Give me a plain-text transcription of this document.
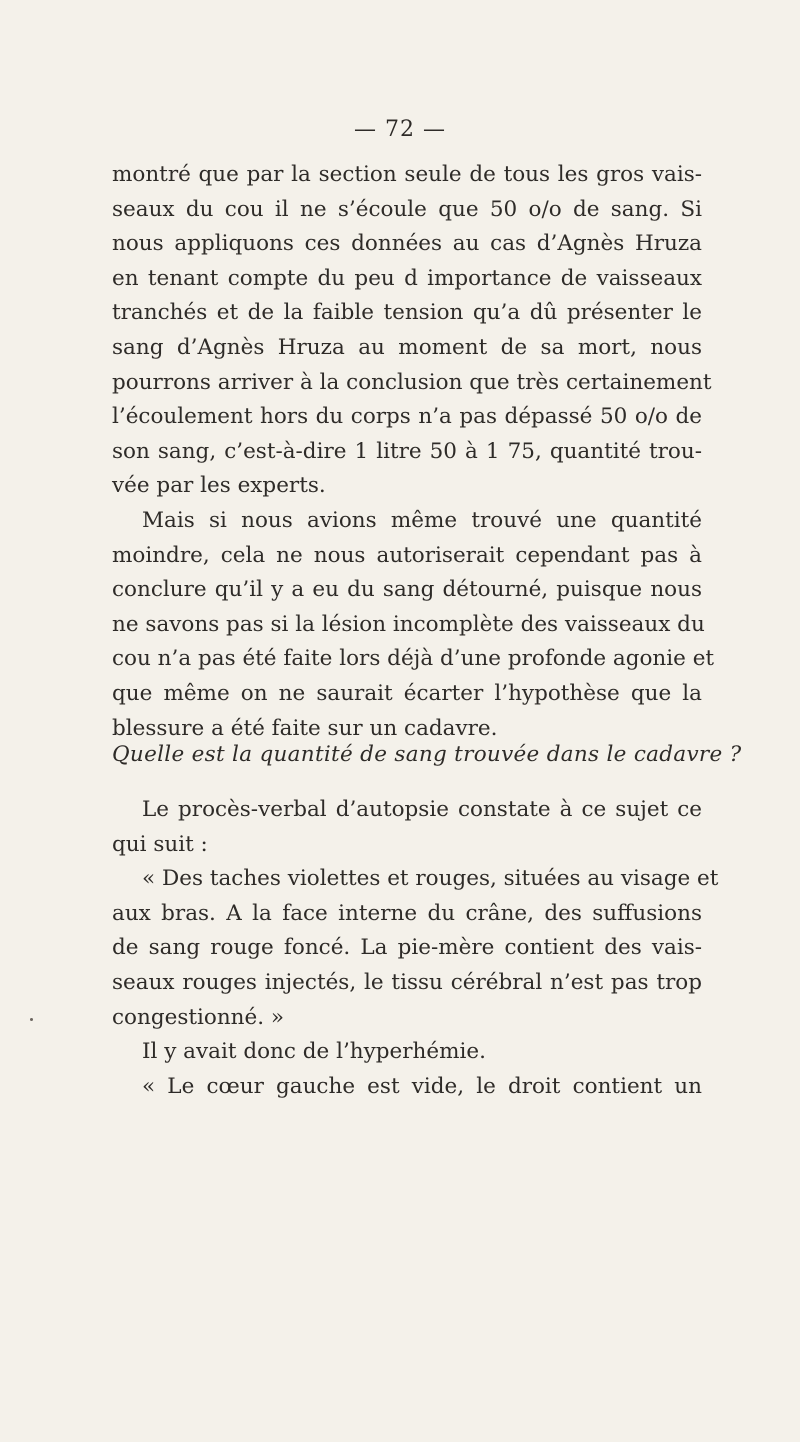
— 72 —
montré que par la section seule de tous les gros vais-
seaux du cou il ne s’écoule que 50 o/o de sang. Si
nous appliquons ces données au cas d’Agnès Hruza
en tenant compte du peu d importance de vaisseaux
tranchés et de la faible tension qu’a dû présenter le
sang d’Agnès Hruza au moment de sa mort, nous
pourrons arriver à la conclusion que très certainement
l’écoulement hors du corps n’a pas dépassé 50 o/o de
son sang, c’est-à-dire 1 litre 50 à 1 75, quantité trou-
vée par les experts.
Mais si nous avions même trouvé une quantité
moindre, cela ne nous autoriserait cependant pas à
conclure qu’il y a eu du sang détourné, puisque nous
ne savons pas si la lésion incomplète des vaisseaux du
cou n’a pas été faite lors déjà d’une profonde agonie et
que même on ne saurait écarter l’hypothèse que la
blessure a été faite sur un cadavre.
Quelle est la quantité de sang trouvée dans le cadavre ?
Le procès-verbal d’autopsie constate à ce sujet ce
qui suit :
« Des taches violettes et rouges, situées au visage et
aux bras. A la face interne du crâne, des suffusions
de sang rouge foncé. La pie-mère contient des vais-
seaux rouges injectés, le tissu cérébral n’est pas trop
congestionné. »
Il y avait donc de l’hyperhémie.
« Le cœur gauche est vide, le droit contient un
